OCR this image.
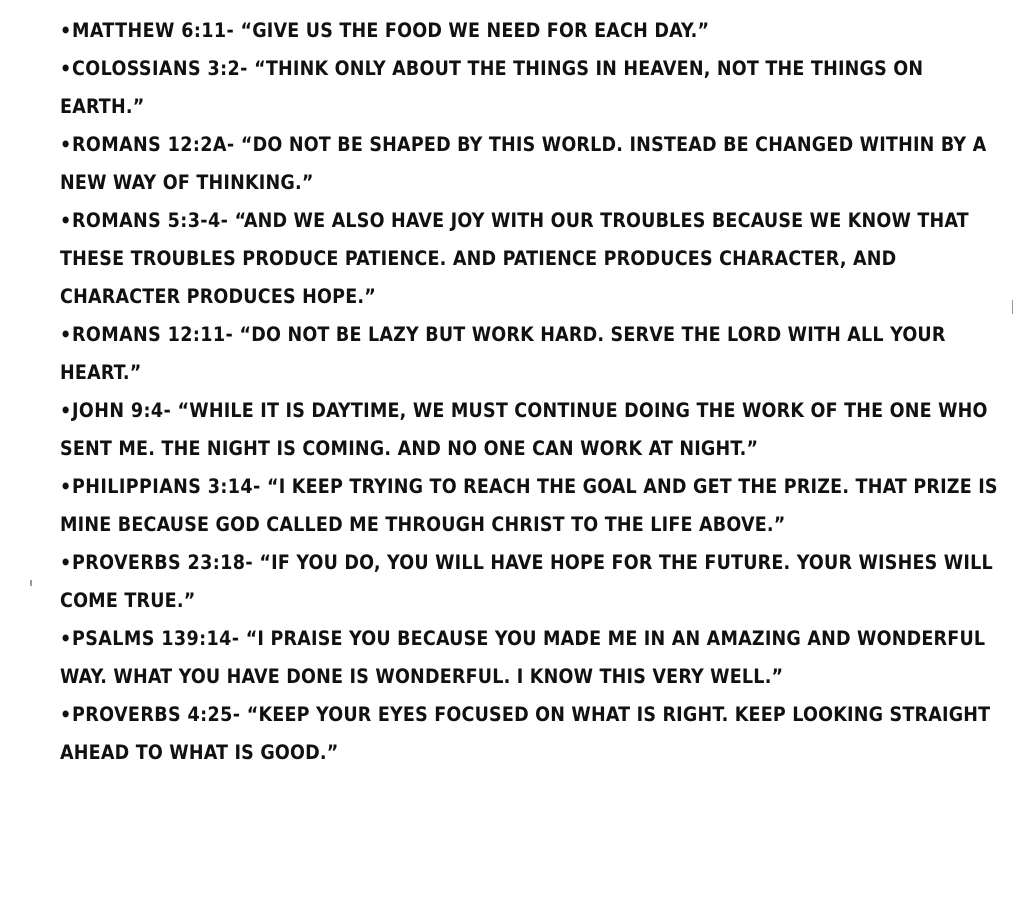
•MATTHEW 6:11- “GIVE US THE FOOD WE NEED FOR EACH DAY.”
•COLOSSIANS 3:2- “THINK ONLY ABOUT THE THINGS IN HEAVEN, NOT THE THINGS ON EARTH.”
•ROMANS 12:2A- “DO NOT BE SHAPED BY THIS WORLD. INSTEAD BE CHANGED WITHIN BY A NEW WAY OF THINKING.”
•ROMANS 5:3-4- “AND WE ALSO HAVE JOY WITH OUR TROUBLES BECAUSE WE KNOW THAT THESE TROUBLES PRODUCE PATIENCE. AND PATIENCE PRODUCES CHARACTER, AND CHARACTER PRODUCES HOPE.”
•ROMANS 12:11- “DO NOT BE LAZY BUT WORK HARD. SERVE THE LORD WITH ALL YOUR HEART.”
•JOHN 9:4- “WHILE IT IS DAYTIME, WE MUST CONTINUE DOING THE WORK OF THE ONE WHO SENT ME. THE NIGHT IS COMING. AND NO ONE CAN WORK AT NIGHT.”
•PHILIPPIANS 3:14- “I KEEP TRYING TO REACH THE GOAL AND GET THE PRIZE. THAT PRIZE IS MINE BECAUSE GOD CALLED ME THROUGH CHRIST TO THE LIFE ABOVE.”
•PROVERBS 23:18- “IF YOU DO, YOU WILL HAVE HOPE FOR THE FUTURE. YOUR WISHES WILL COME TRUE.”
•PSALMS 139:14- “I PRAISE YOU BECAUSE YOU MADE ME IN AN AMAZING AND WONDERFUL WAY. WHAT YOU HAVE DONE IS WONDERFUL. I KNOW THIS VERY WELL.”
•PROVERBS 4:25- “KEEP YOUR EYES FOCUSED ON WHAT IS RIGHT. KEEP LOOKING STRAIGHT AHEAD TO WHAT IS GOOD.”
